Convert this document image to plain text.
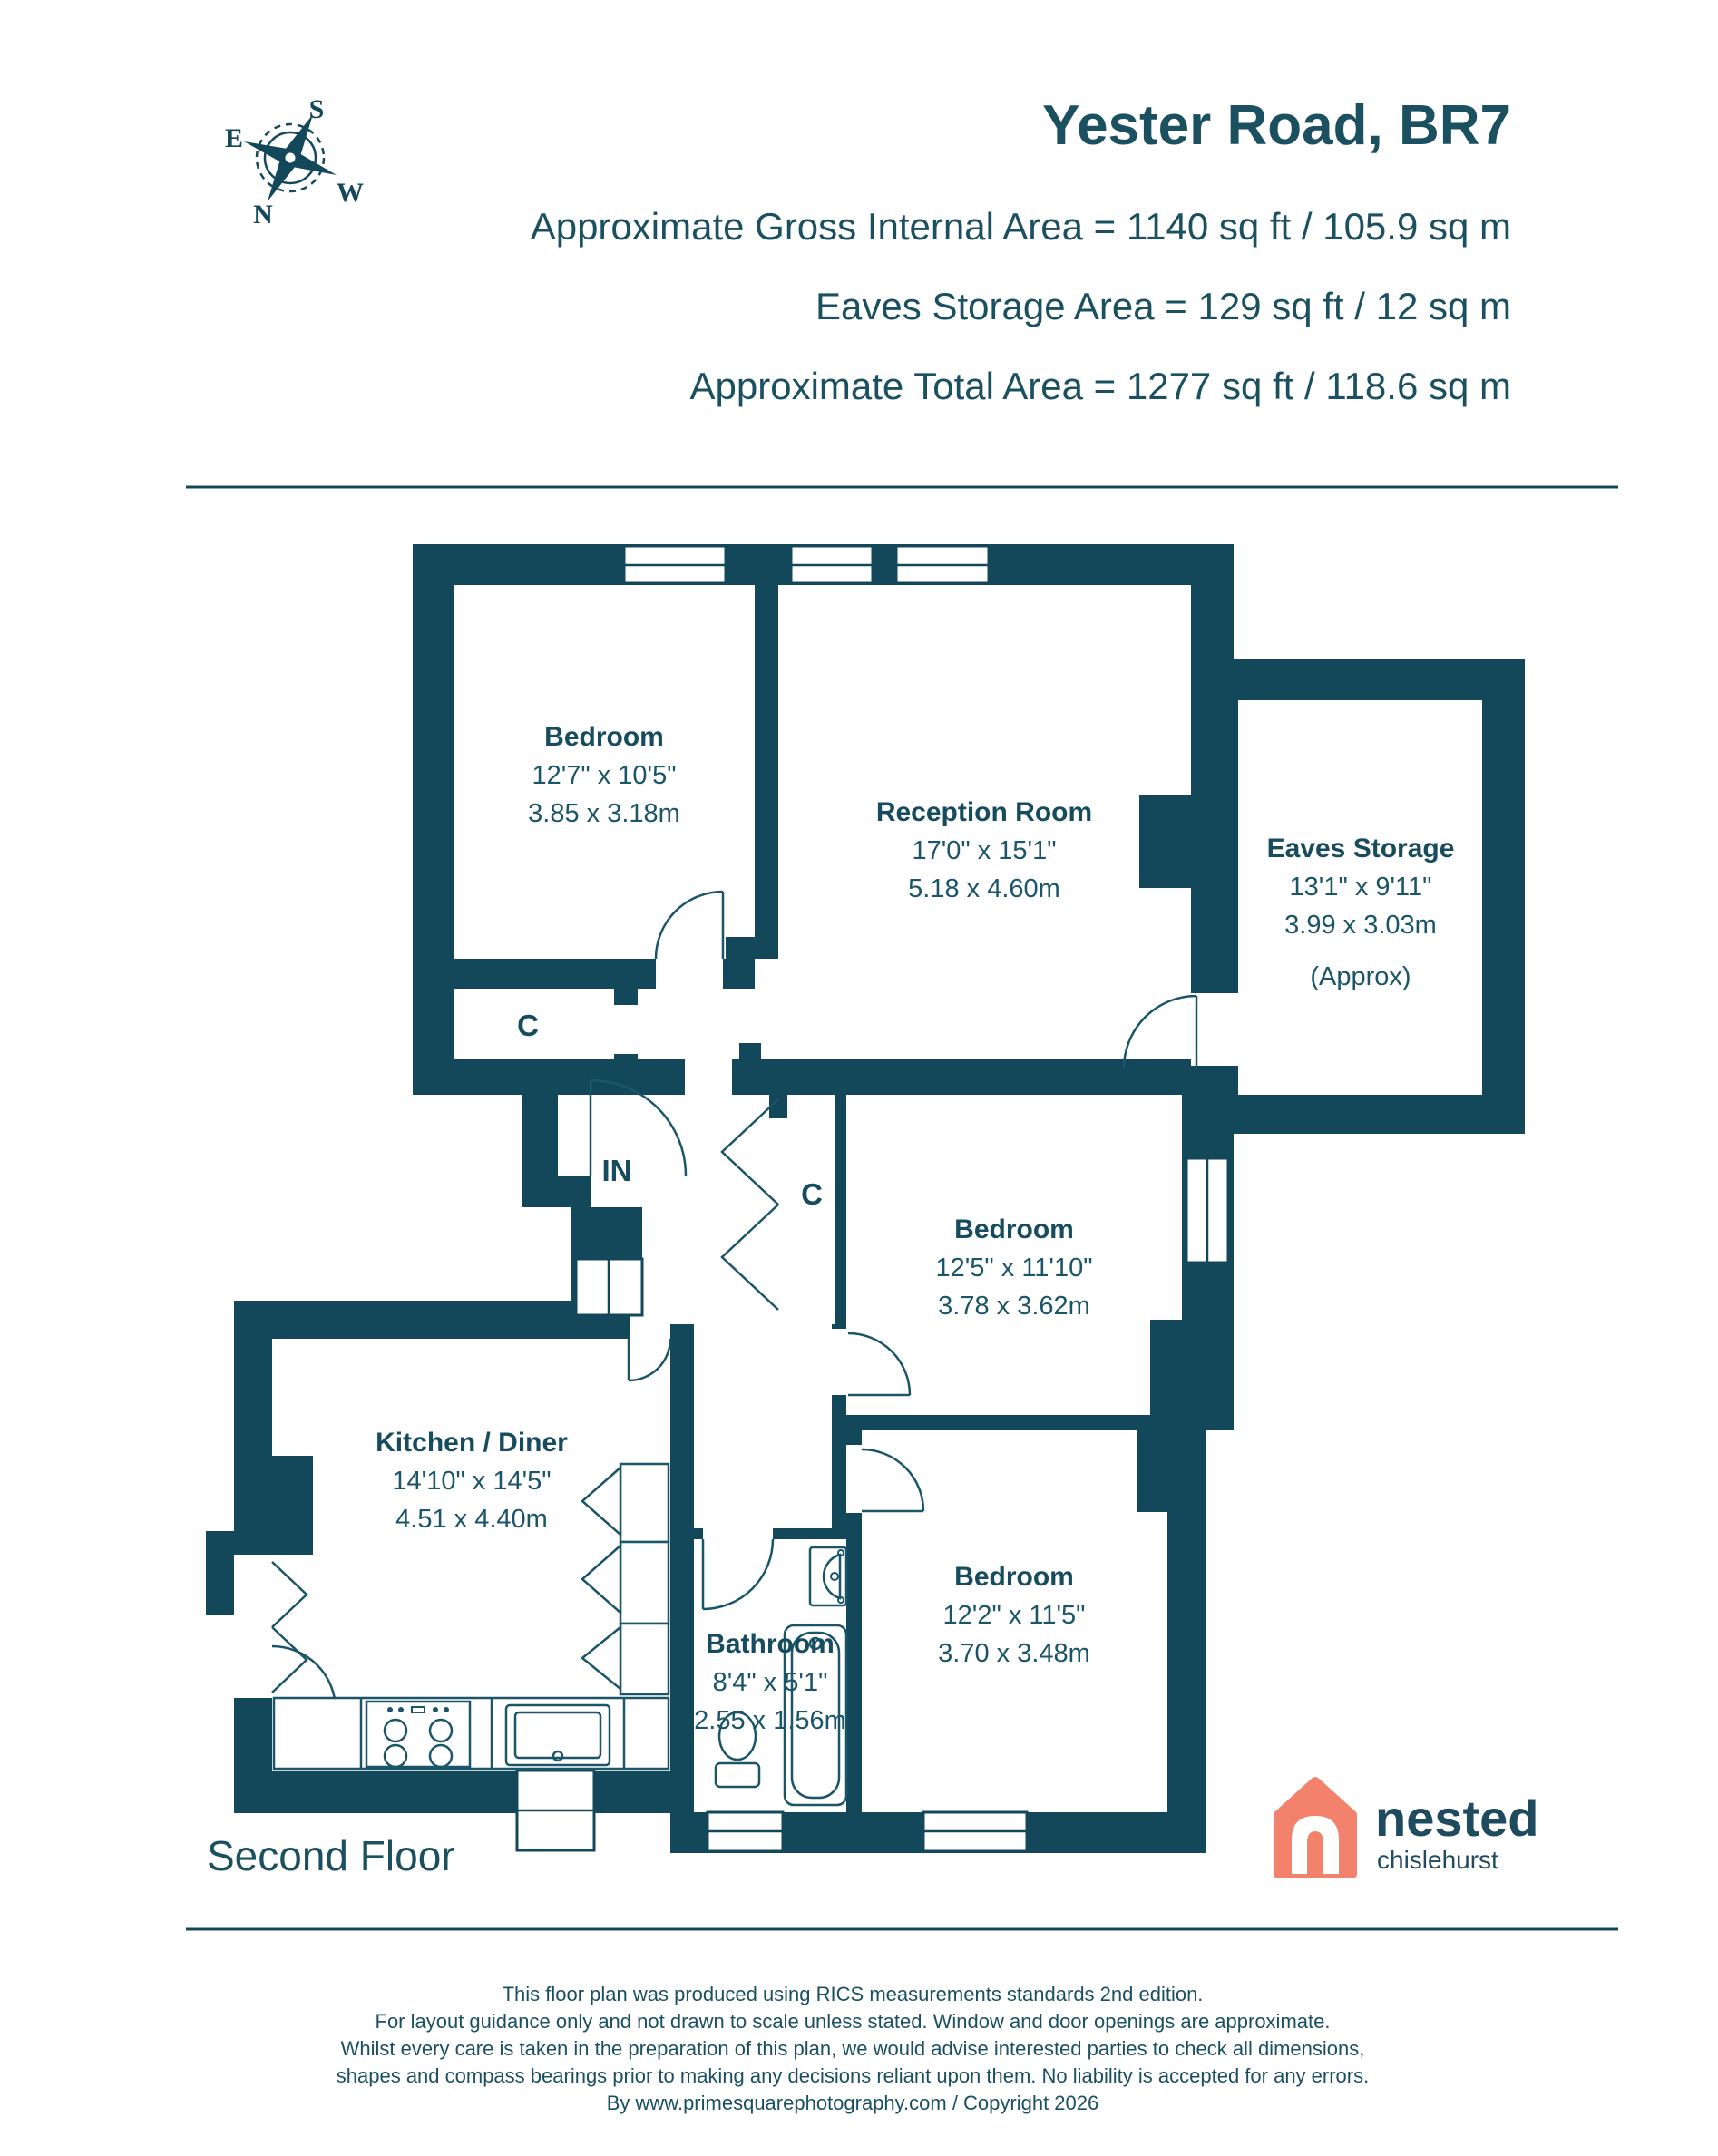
S
E
W
N
Yester Road, BR7
Approximate Gross Internal Area = 1140 sq ft / 105.9 sq m
Eaves Storage Area = 129 sq ft / 12 sq m
Approximate Total Area = 1277 sq ft / 118.6 sq m
Bedroom
12'7" x 10'5"
3.85 x 3.18m	Reception Room
17'0" x 15'1"
5.18 x 4.60m
Eaves Storage
13'1" x 9'11"
3.99 x 3.03m
(Approx)
Bedroom
12'5" x 11'10"
3.78 x 3.62m
Kitchen / Diner
14'10" x 14'5"
4.51 x 4.40m
Bedroom
12'2" x 11'5"
3.70 x 3.48m
Bathroom
8'4" x 5'1"
2.55 x 1.56m
C
C
IN
Second Floor
nested
chislehurst
This floor plan was produced using RICS measurements standards 2nd edition.
For layout guidance only and not drawn to scale unless stated. Window and door openings are approximate.
Whilst every care is taken in the preparation of this plan, we would advise interested parties to check all dimensions,
shapes and compass bearings prior to making any decisions reliant upon them. No liability is accepted for any errors.
By www.primesquarephotography.com / Copyright 2026
